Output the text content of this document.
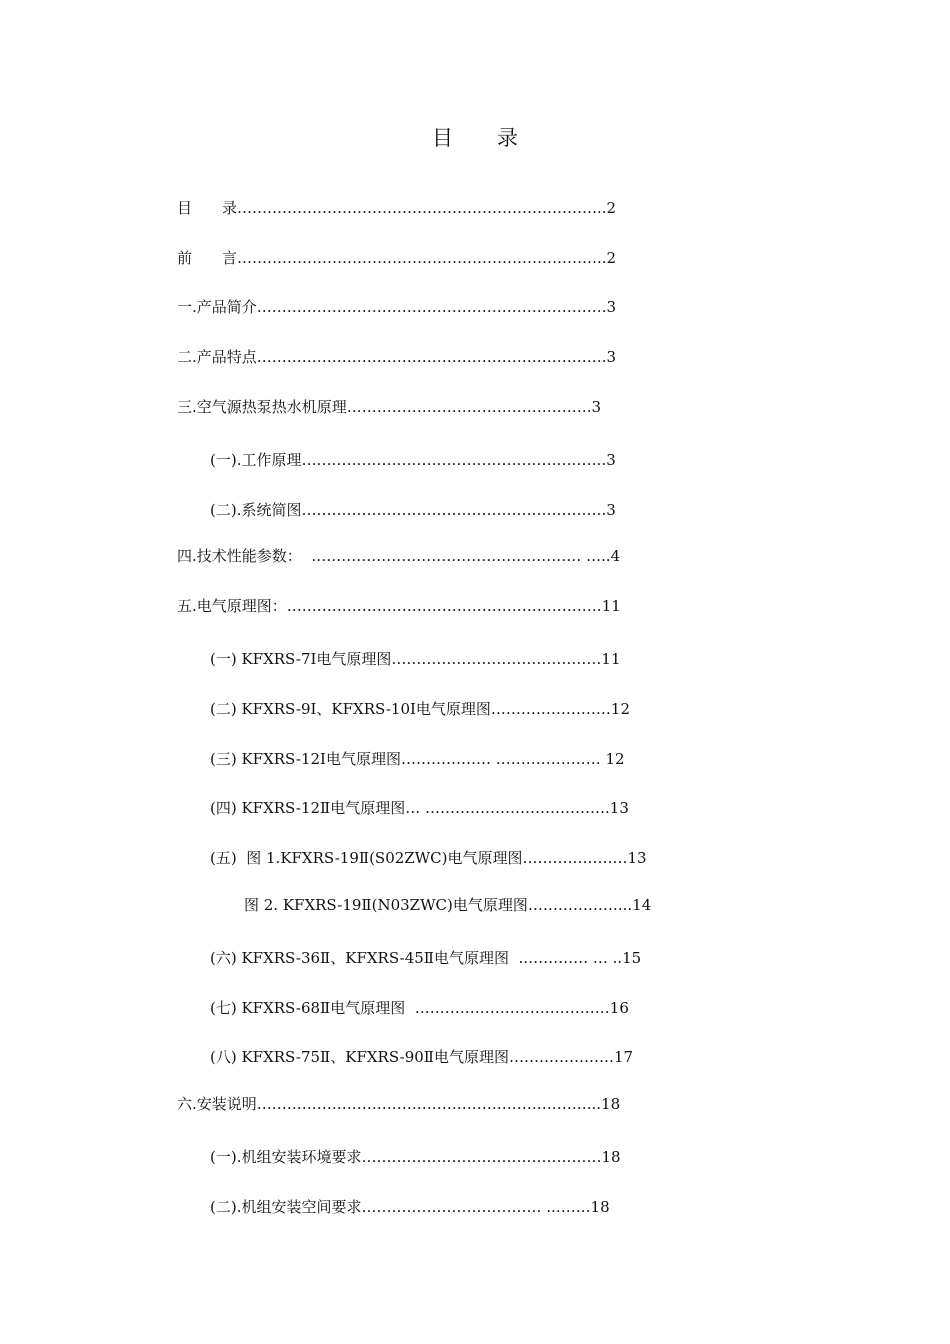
目 录
目　　录………………………………………………………………..2
前　　言………………………………………………………………..2
一.产品简介…………………………………………………………….3
二.产品特点…………………………………………………………….3
三.空气源热泵热水机原理………………………………………….3
(一).工作原理…………………………………………………….3
(二).系统简图…………………………………………………….3
四.技术性能参数：  ……………………………………………… …..4
五.电气原理图：………………………………………………………11
(一) KFXRS-7Ⅰ电气原理图……………………………………11
(二) KFXRS-9Ⅰ、KFXRS-10Ⅰ电气原理图……………………12
(三) KFXRS-12Ⅰ电气原理图……………… ………………… 12
(四) KFXRS-12Ⅱ电气原理图… ……………………………….13
(五)  图 1.KFXRS-19Ⅱ(S02ZWC)电气原理图…………………13
图 2. KFXRS-19Ⅱ(N03ZWC)电气原理图………………...14
(六) KFXRS-36Ⅱ、KFXRS-45Ⅱ电气原理图  ..………… … ..15
(七) KFXRS-68Ⅱ电气原理图  …………………………………16
(八) KFXRS-75Ⅱ、KFXRS-90Ⅱ电气原理图…………………17
六.安装说明…………………………………………………………...18
(一).机组安装环境要求…………………………………………18
(二).机组安装空间要求……………………………… ..…….18
